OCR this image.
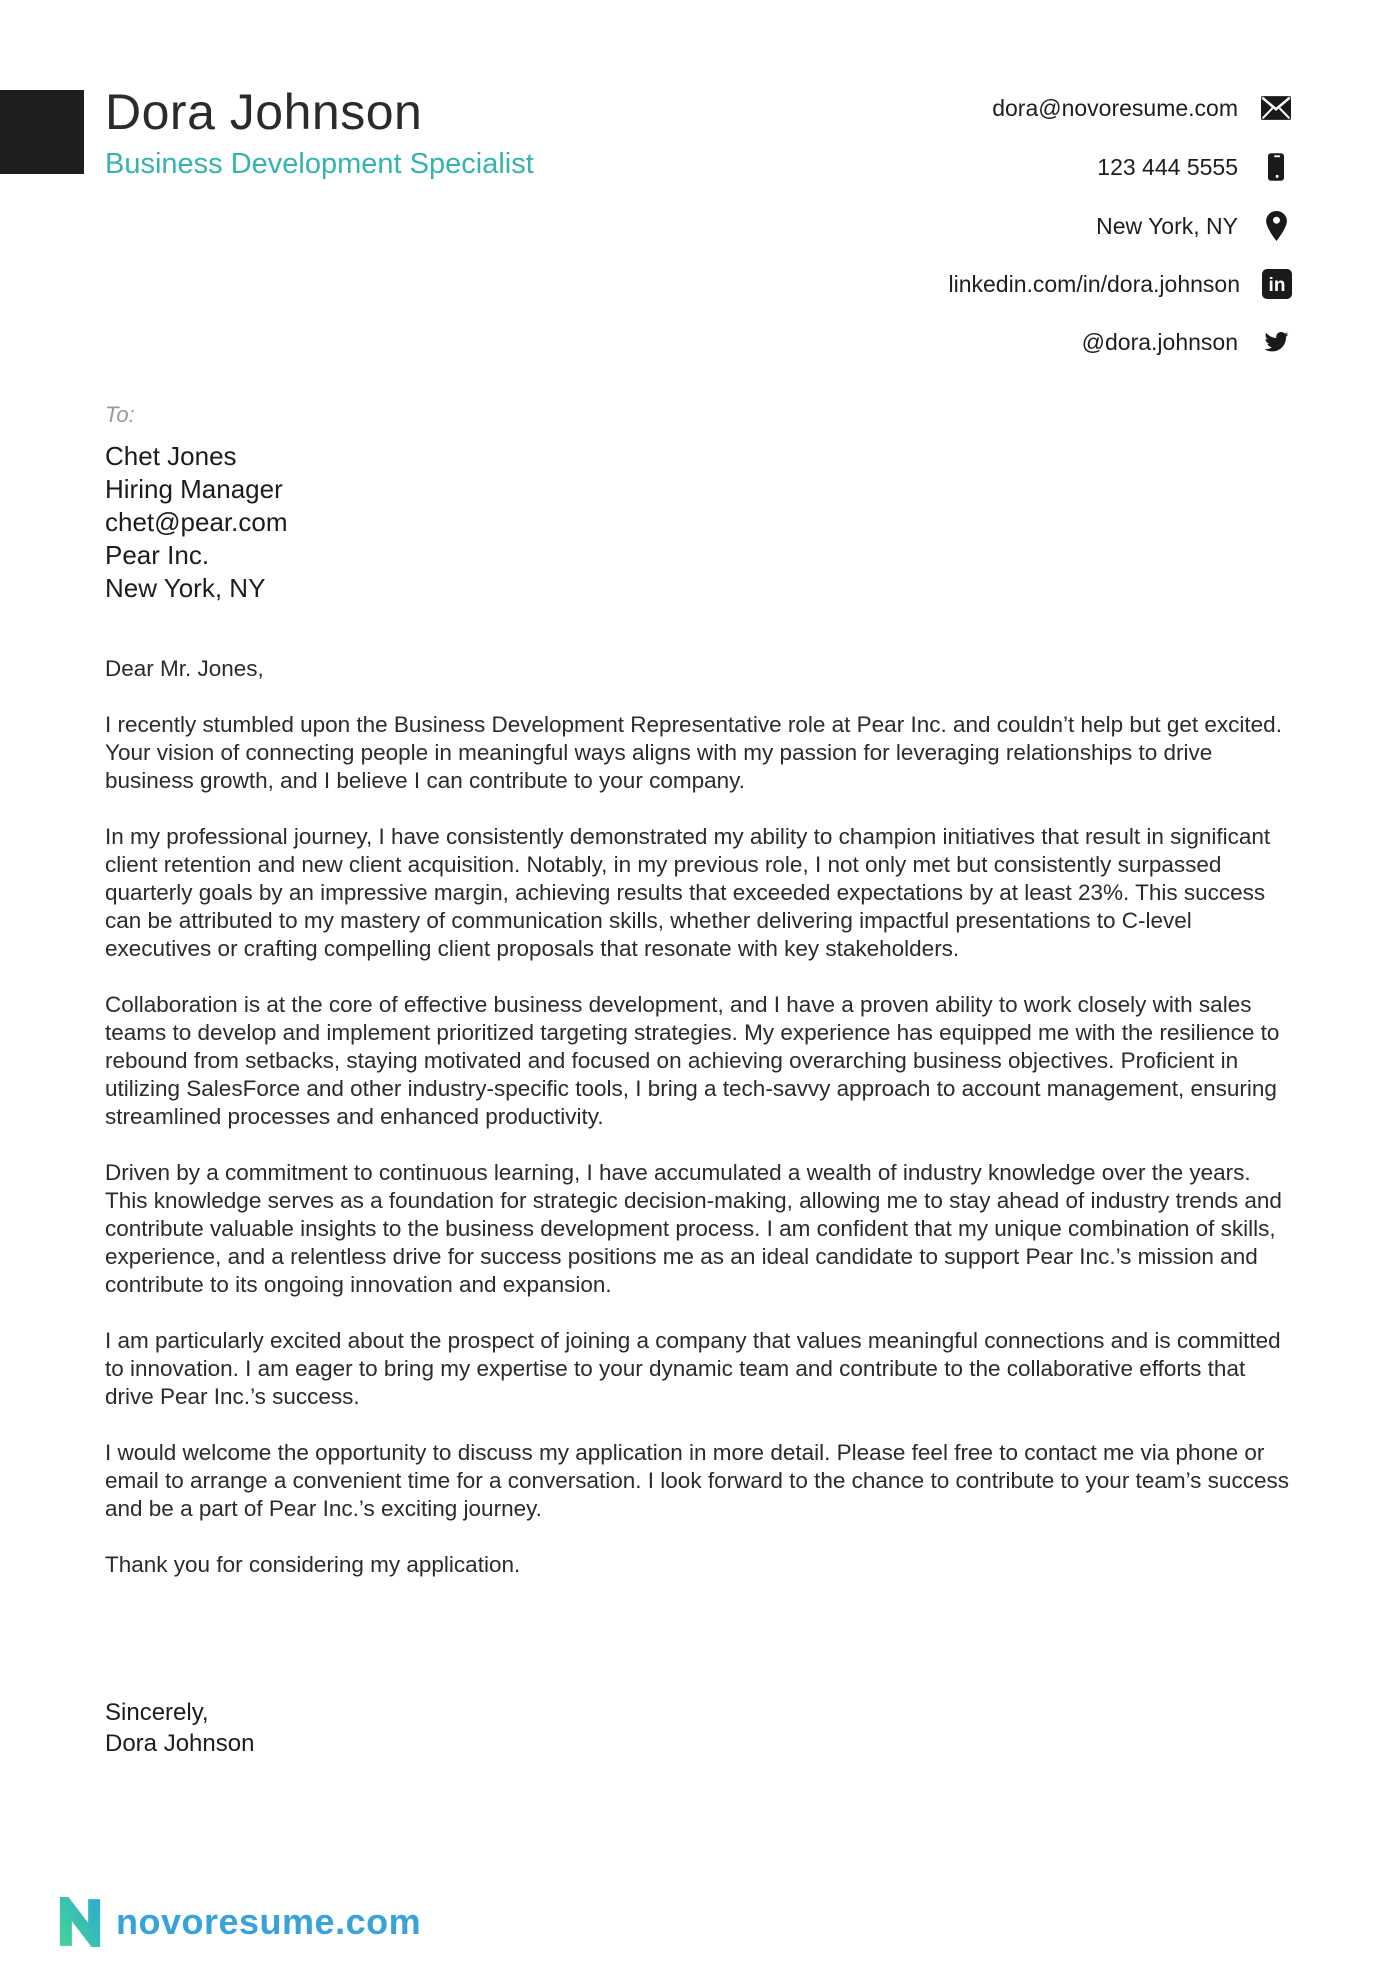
Dora Johnson
Business Development Specialist
dora@novoresume.com
123 444 5555
New York, NY
linkedin.com/in/dora.johnson in
@dora.johnson
To:
Chet Jones
Hiring Manager
chet@pear.com
Pear Inc.
New York, NY

Dear Mr. Jones,

I recently stumbled upon the Business Development Representative role at Pear Inc. and couldn’t help but get excited. Your vision of connecting people in meaningful ways aligns with my passion for leveraging relationships to drive business growth, and I believe I can contribute to your company.

In my professional journey, I have consistently demonstrated my ability to champion initiatives that result in significant client retention and new client acquisition. Notably, in my previous role, I not only met but consistently surpassed quarterly goals by an impressive margin, achieving results that exceeded expectations by at least 23%. This success can be attributed to my mastery of communication skills, whether delivering impactful presentations to C-level executives or crafting compelling client proposals that resonate with key stakeholders.

Collaboration is at the core of effective business development, and I have a proven ability to work closely with sales teams to develop and implement prioritized targeting strategies. My experience has equipped me with the resilience to rebound from setbacks, staying motivated and focused on achieving overarching business objectives. Proficient in utilizing SalesForce and other industry-specific tools, I bring a tech-savvy approach to account management, ensuring streamlined processes and enhanced productivity.

Driven by a commitment to continuous learning, I have accumulated a wealth of industry knowledge over the years. This knowledge serves as a foundation for strategic decision-making, allowing me to stay ahead of industry trends and contribute valuable insights to the business development process. I am confident that my unique combination of skills, experience, and a relentless drive for success positions me as an ideal candidate to support Pear Inc.’s mission and contribute to its ongoing innovation and expansion.

I am particularly excited about the prospect of joining a company that values meaningful connections and is committed to innovation. I am eager to bring my expertise to your dynamic team and contribute to the collaborative efforts that drive Pear Inc.’s success.

I would welcome the opportunity to discuss my application in more detail. Please feel free to contact me via phone or email to arrange a convenient time for a conversation. I look forward to the chance to contribute to your team’s success and be a part of Pear Inc.’s exciting journey.

Thank you for considering my application.

Sincerely,
Dora Johnson
novoresume.com
